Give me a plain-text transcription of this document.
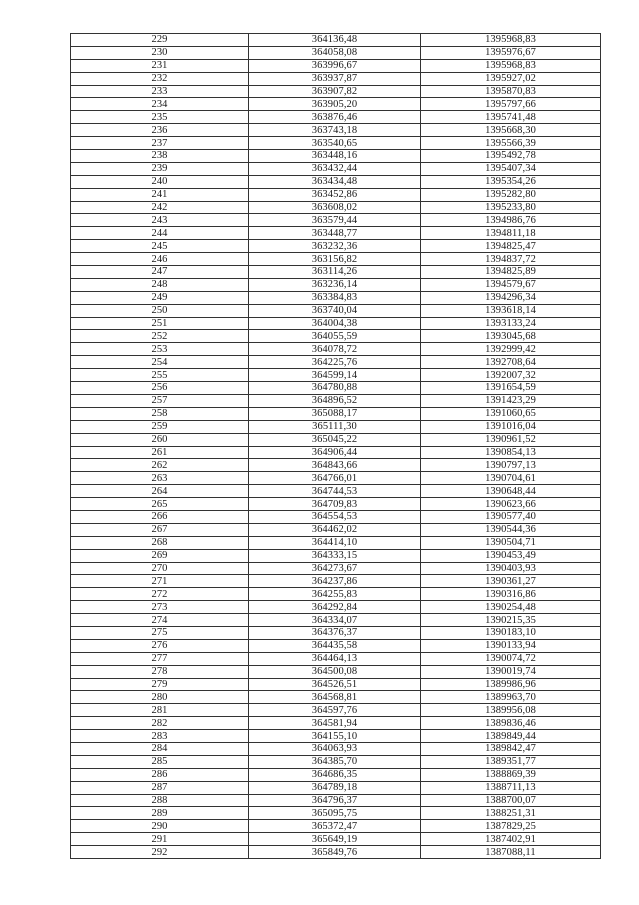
229	364136,48	1395968,83
230	364058,08	1395976,67
231	363996,67	1395968,83
232	363937,87	1395927,02
233	363907,82	1395870,83
234	363905,20	1395797,66
235	363876,46	1395741,48
236	363743,18	1395668,30
237	363540,65	1395566,39
238	363448,16	1395492,78
239	363432,44	1395407,34
240	363434,48	1395354,26
241	363452,86	1395282,80
242	363608,02	1395233,80
243	363579,44	1394986,76
244	363448,77	1394811,18
245	363232,36	1394825,47
246	363156,82	1394837,72
247	363114,26	1394825,89
248	363236,14	1394579,67
249	363384,83	1394296,34
250	363740,04	1393618,14
251	364004,38	1393133,24
252	364055,59	1393045,68
253	364078,72	1392999,42
254	364225,76	1392708,64
255	364599,14	1392007,32
256	364780,88	1391654,59
257	364896,52	1391423,29
258	365088,17	1391060,65
259	365111,30	1391016,04
260	365045,22	1390961,52
261	364906,44	1390854,13
262	364843,66	1390797,13
263	364766,01	1390704,61
264	364744,53	1390648,44
265	364709,83	1390623,66
266	364554,53	1390577,40
267	364462,02	1390544,36
268	364414,10	1390504,71
269	364333,15	1390453,49
270	364273,67	1390403,93
271	364237,86	1390361,27
272	364255,83	1390316,86
273	364292,84	1390254,48
274	364334,07	1390215,35
275	364376,37	1390183,10
276	364435,58	1390133,94
277	364464,13	1390074,72
278	364500,08	1390019,74
279	364526,51	1389986,96
280	364568,81	1389963,70
281	364597,76	1389956,08
282	364581,94	1389836,46
283	364155,10	1389849,44
284	364063,93	1389842,47
285	364385,70	1389351,77
286	364686,35	1388869,39
287	364789,18	1388711,13
288	364796,37	1388700,07
289	365095,75	1388251,31
290	365372,47	1387829,25
291	365649,19	1387402,91
292	365849,76	1387088,11
